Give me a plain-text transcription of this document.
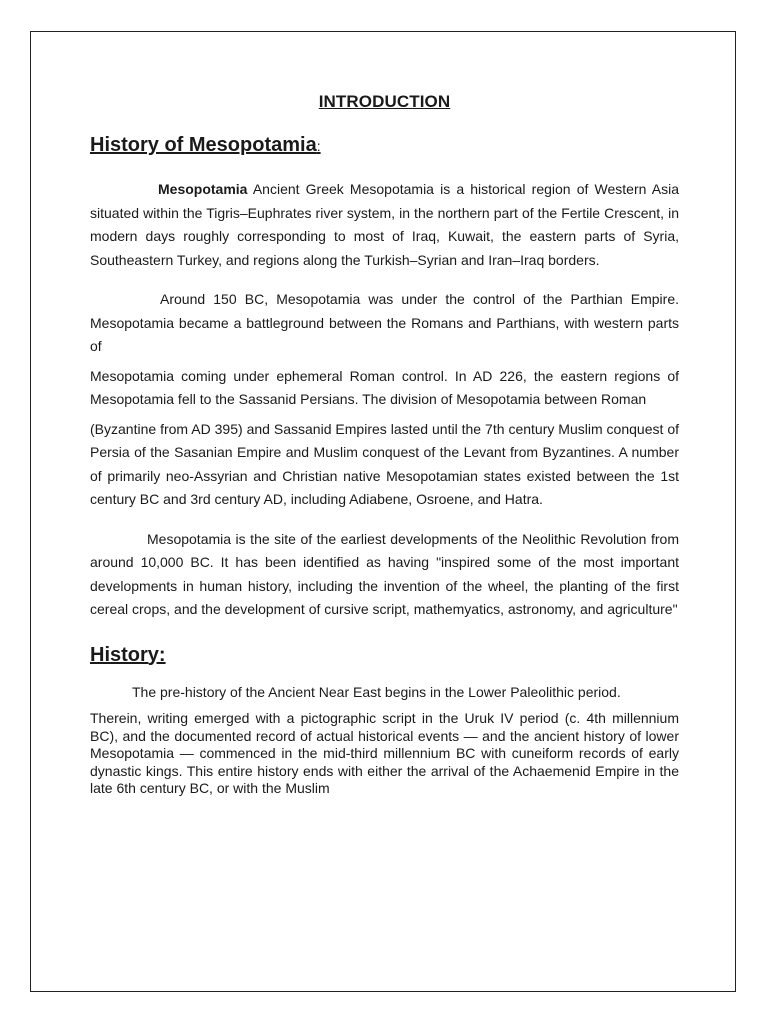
INTRODUCTION
History of Mesopotamia:

Mesopotamia Ancient Greek Mesopotamia is a historical region of Western Asia situated within the Tigris–Euphrates river system, in the northern part of the Fertile Crescent, in modern days roughly corresponding to most of Iraq, Kuwait, the eastern parts of Syria, Southeastern Turkey, and regions along the Turkish–Syrian and Iran–Iraq borders.

Around 150 BC, Mesopotamia was under the control of the Parthian Empire. Mesopotamia became a battleground between the Romans and Parthians, with western parts of

Mesopotamia coming under ephemeral Roman control. In AD 226, the eastern regions of Mesopotamia fell to the Sassanid Persians. The division of Mesopotamia between Roman

(Byzantine from AD 395) and Sassanid Empires lasted until the 7th century Muslim conquest of Persia of the Sasanian Empire and Muslim conquest of the Levant from Byzantines. A number of primarily neo-Assyrian and Christian native Mesopotamian states existed between the 1st century BC and 3rd century AD, including Adiabene, Osroene, and Hatra.

Mesopotamia is the site of the earliest developments of the Neolithic Revolution from around 10,000 BC. It has been identified as having "inspired some of the most important developments in human history, including the invention of the wheel, the planting of the first cereal crops, and the development of cursive script, mathemyatics, astronomy, and agriculture"

History:

The pre-history of the Ancient Near East begins in the Lower Paleolithic period.

Therein, writing emerged with a pictographic script in the Uruk IV period (c. 4th millennium BC), and the documented record of actual historical events — and the ancient history of lower Mesopotamia — commenced in the mid-third millennium BC with cuneiform records of early dynastic kings. This entire history ends with either the arrival of the Achaemenid Empire in the late 6th century BC, or with the Muslim
